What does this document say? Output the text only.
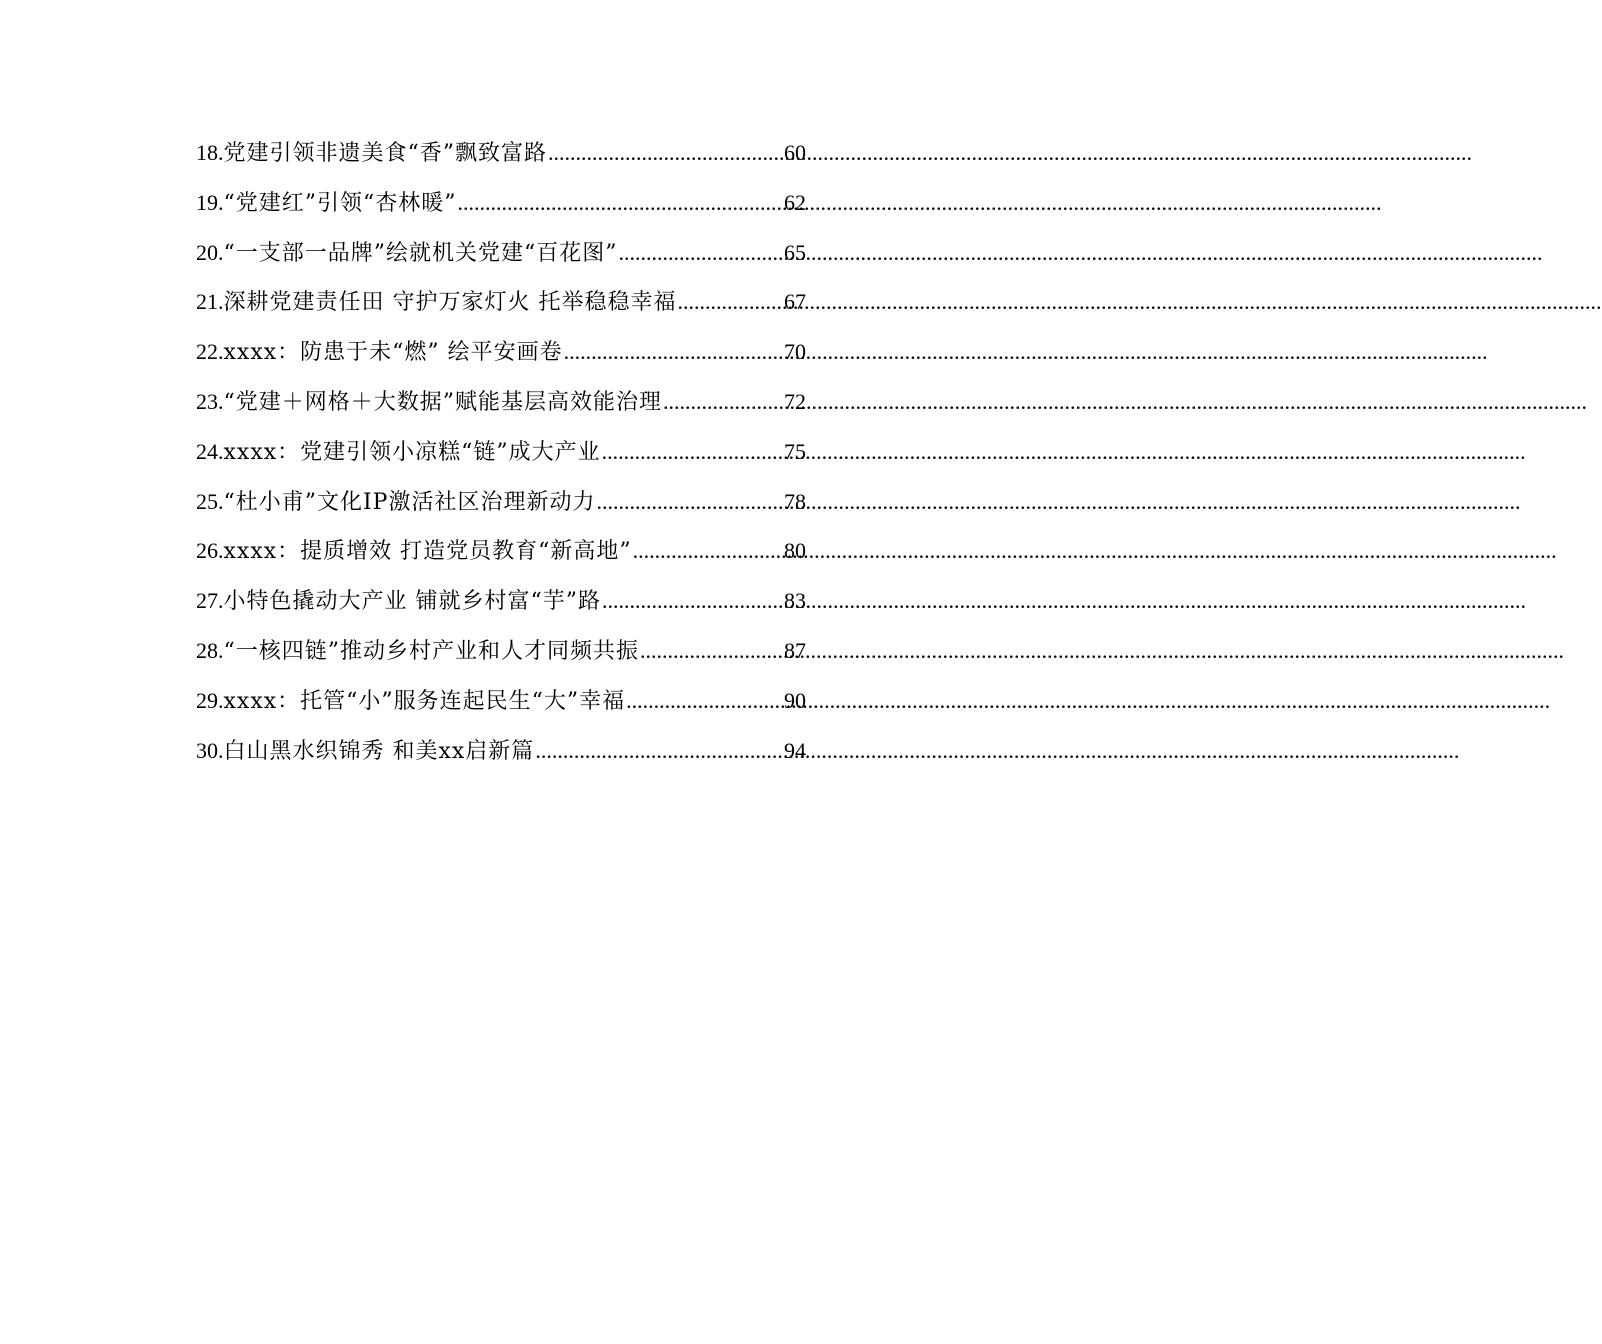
18. 党建引领非遗美食“香”飘致富路 .....	60
19. “党建红”引领“杏林暖” .....	62
20. “一支部一品牌”绘就机关党建“百花图” .....	65
21. 深耕党建责任田 守护万家灯火 托举稳稳幸福 .....	67
22. xxxx：防患于未“燃” 绘平安画卷 .....	70
23. “党建＋网格＋大数据”赋能基层高效能治理 .....	72
24. xxxx：党建引领小凉糕“链”成大产业 .....	75
25. “杜小甫”文化IP激活社区治理新动力 .....	78
26. xxxx：提质增效 打造党员教育“新高地” .....	80
27. 小特色撬动大产业 铺就乡村富“芋”路 .....	83
28. “一核四链”推动乡村产业和人才同频共振 .....	87
29. xxxx：托管“小”服务连起民生“大”幸福 .....	90
30. 白山黑水织锦秀 和美xx启新篇 .....	94
